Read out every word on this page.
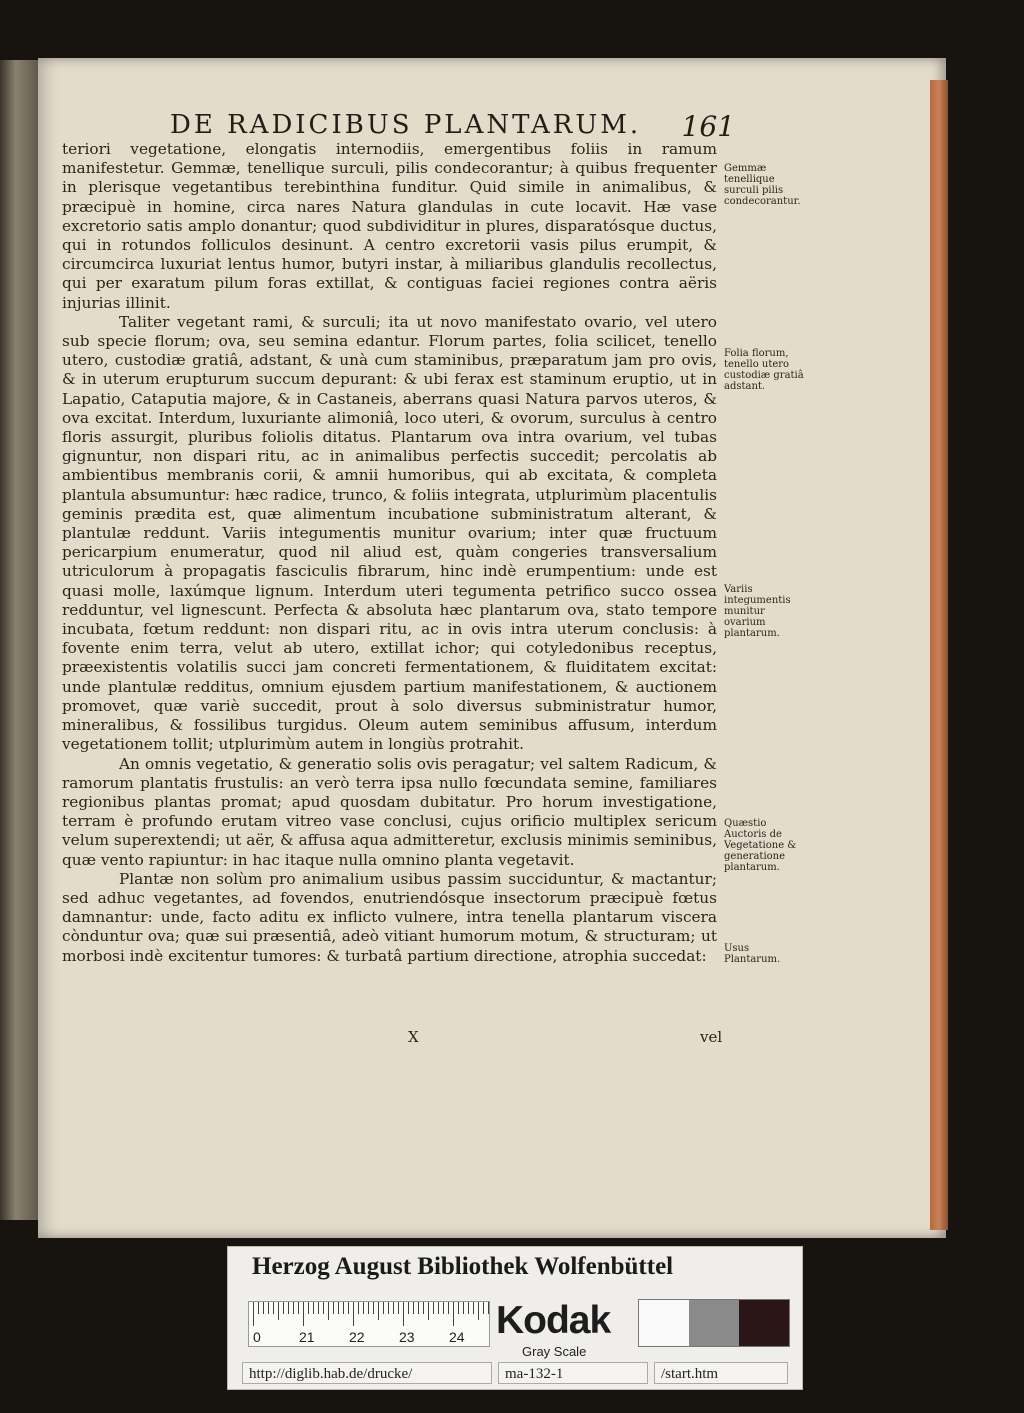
DE RADICIBUS PLANTARUM. 161

teriori vegetatione, elongatis internodiis, emergentibus foliis in ramum manifestetur. Gemmæ, tenellique surculi, pilis condecorantur; à quibus frequenter in plerisque vegetantibus terebinthina funditur. Quid simile in animalibus, & præcipuè in homine, circa nares Natura glandulas in cute locavit. Hæ vase excretorio satis amplo donantur; quod subdividitur in plures, disparatósque ductus, qui in rotundos folliculos desinunt. A centro excretorii vasis pilus erumpit, & circumcirca luxuriat lentus humor, butyri instar, à miliaribus glandulis recollectus, qui per exaratum pilum foras extillat, & contiguas faciei regiones contra aëris injurias illinit.

Taliter vegetant rami, & surculi; ita ut novo manifestato ovario, vel utero sub specie florum; ova, seu semina edantur. Florum partes, folia scilicet, tenello utero, custodiæ gratiâ, adstant, & unà cum staminibus, præparatum jam pro ovis, & in uterum erupturum succum depurant: & ubi ferax est staminum eruptio, ut in Lapatio, Cataputia majore, & in Castaneis, aberrans quasi Natura parvos uteros, & ova excitat. Interdum, luxuriante alimoniâ, loco uteri, & ovorum, surculus à centro floris assurgit, pluribus foliolis ditatus. Plantarum ova intra ovarium, vel tubas gignuntur, non dispari ritu, ac in animalibus perfectis succedit; percolatis ab ambientibus membranis corii, & amnii humoribus, qui ab excitata, & completa plantula absumuntur: hæc radice, trunco, & foliis integrata, utplurimùm placentulis geminis prædita est, quæ alimentum incubatione subministratum alterant, & plantulæ reddunt. Variis integumentis munitur ovarium; inter quæ fructuum pericarpium enumeratur, quod nil aliud est, quàm congeries transversalium utriculorum à propagatis fasciculis fibrarum, hinc indè erumpentium: unde est quasi molle, laxúmque lignum. Interdum uteri tegumenta petrifico succo ossea redduntur, vel lignescunt. Perfecta & absoluta hæc plantarum ova, stato tempore incubata, fœtum reddunt: non dispari ritu, ac in ovis intra uterum conclusis: à fovente enim terra, velut ab utero, extillat ichor; qui cotyledonibus receptus, præexistentis volatilis succi jam concreti fermentationem, & fluiditatem excitat: unde plantulæ redditus, omnium ejusdem partium manifestationem, & auctionem promovet, quæ variè succedit, prout à solo diversus subministratur humor, mineralibus, & fossilibus turgidus. Oleum autem seminibus affusum, interdum vegetationem tollit; utplurimùm autem in longiùs protrahit.

An omnis vegetatio, & generatio solis ovis peragatur; vel saltem Radicum, & ramorum plantatis frustulis: an verò terra ipsa nullo fœcundata semine, familiares regionibus plantas promat; apud quosdam dubitatur. Pro horum investigatione, terram è profundo erutam vitreo vase conclusi, cujus orificio multiplex sericum velum superextendi; ut aër, & affusa aqua admitteretur, exclusis minimis seminibus, quæ vento rapiuntur: in hac itaque nulla omnino planta vegetavit.

Plantæ non solùm pro animalium usibus passim succiduntur, & mactantur; sed adhuc vegetantes, ad fovendos, enutriendósque insectorum præcipuè fœtus damnantur: unde, facto aditu ex inflicto vulnere, intra tenella plantarum viscera cònduntur ova; quæ sui præsentiâ, adeò vitiant humorum motum, & structuram; ut morbosi indè excitentur tumores: & turbatâ partium directione, atrophia succedat:

Gemmæ tenellique surculi pilis condecorantur.
Folia florum, tenello utero custodiæ gratiâ adstant.
Variis integumentis munitur ovarium plantarum.
Quæstio Auctoris de Vegetatione & generatione plantarum.
Usus Plantarum.
X	vel
Herzog August Bibliothek Wolfenbüttel
0	21 22 23 24 Kodak
Gray Scale
http://diglib.hab.de/drucke/	ma-132-1	/start.htm
